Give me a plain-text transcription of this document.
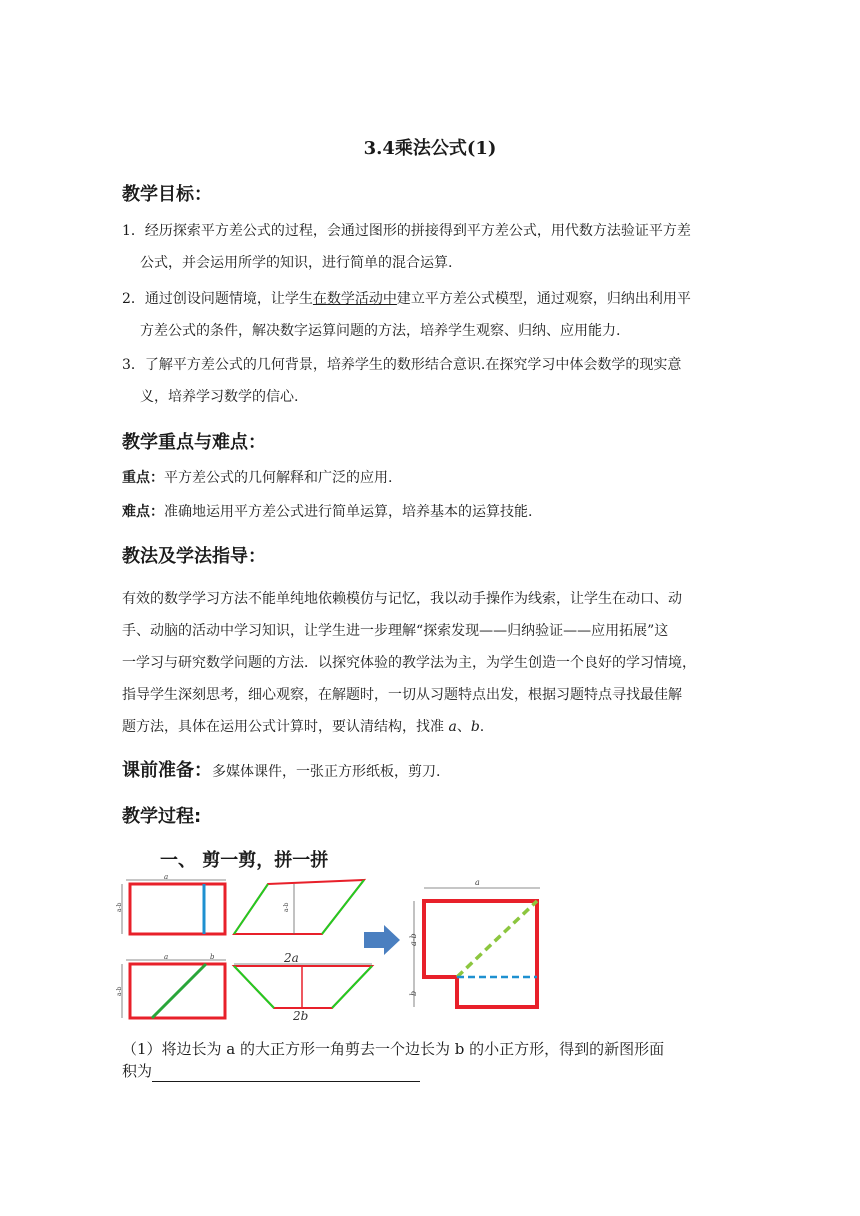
3.4乘法公式(1)
教学目标：
1．经历探索平方差公式的过程，会通过图形的拼接得到平方差公式，用代数方法验证平方差
公式，并会运用所学的知识，进行简单的混合运算.
2．通过创设问题情境，让学生在数学活动中建立平方差公式模型，通过观察，归纳出利用平
方差公式的条件，解决数字运算问题的方法，培养学生观察、归纳、应用能力.
3．了解平方差公式的几何背景，培养学生的数形结合意识.在探究学习中体会数学的现实意
义，培养学习数学的信心.
教学重点与难点：
重点：平方差公式的几何解释和广泛的应用.
难点：准确地运用平方差公式进行简单运算，培养基本的运算技能.
教法及学法指导：
有效的数学学习方法不能单纯地依赖模仿与记忆，我以动手操作为线索，让学生在动口、动
手、动脑的活动中学习知识，让学生进一步理解“探索发现——归纳验证——应用拓展”这
一学习与研究数学问题的方法．以探究体验的教学法为主，为学生创造一个良好的学习情境，
指导学生深刻思考，细心观察，在解题时，一切从习题特点出发，根据习题特点寻找最佳解
题方法，具体在运用公式计算时，要认清结构，找准 a、b.
课前准备：多媒体课件，一张正方形纸板，剪刀.
教学过程:
一、 剪一剪，拼一拼
a
a-b	a-b
a	b
a-b
2a
2b
a
a-b
b
（1）将边长为 a 的大正方形一角剪去一个边长为 b 的小正方形，得到的新图形面
积为
